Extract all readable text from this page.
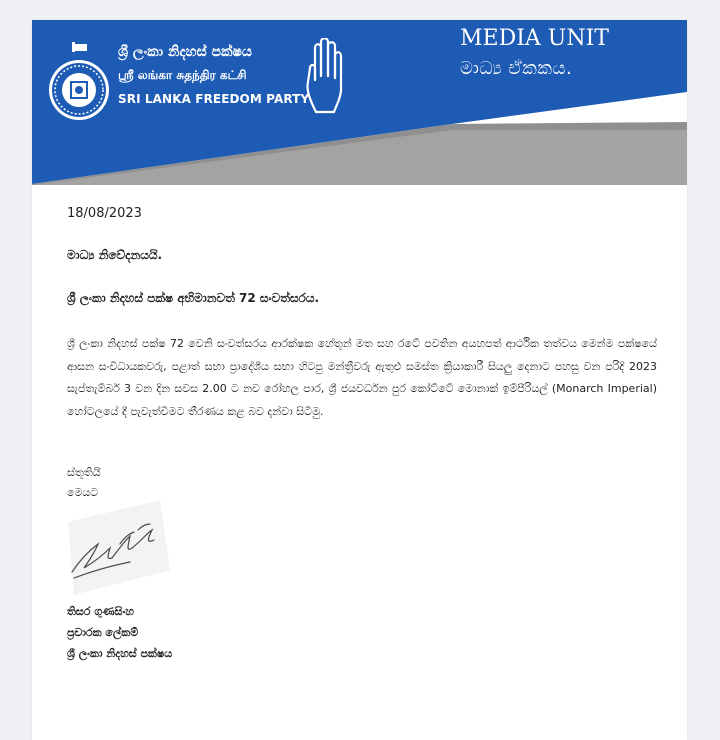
ශ්‍රී ලංකා නිදහස් පක්ෂය
ஸ்ரீ லங்கா சுதந்திர கட்சி
SRI LANKA FREEDOM PARTY
MEDIA UNIT
මාධ්‍ය ඒකකය.
18/08/2023
මාධ්‍ය නිවේදනයයි.
ශ්‍රී ලංකා නිදහස් පක්ෂ අභිමානවත් 72 සංවත්සරය.
ශ්‍රී ලංකා නිදහස් පක්ෂ 72 වෙනි සංවත්සරය ආරක්ෂක හේතූන් මත සහ රටේ පවතින අයහපත් ආර්ථික තත්වය මෙන්ම පක්ෂයේ ආසන සංවිධායකවරු, පළාත් සභා ප්‍රාදේශීය සභා හිටපු මන්ත්‍රීවරු ඇතුළු සමස්ත ක්‍රියාකාරී සියලු දෙනාට පහසු වන පරිදි 2023 සැප්තැම්බර් 3 වන දින සවස 2.00 ට නව රෝහල පාර, ශ්‍රී ජයවර්ධන පුර කෝට්ටේ මොනාක් ඉම්පීරියල් (Monarch Imperial) හෝටලයේ දී පැවැත්වීමට තීරණය කළ බව දන්වා සිටිමු.
ස්තූතියි
මෙයට
තිසර ගුණසිංහ
ප්‍රචාරක ලේකම්
ශ්‍රී ලංකා නිදහස් පක්ෂය
